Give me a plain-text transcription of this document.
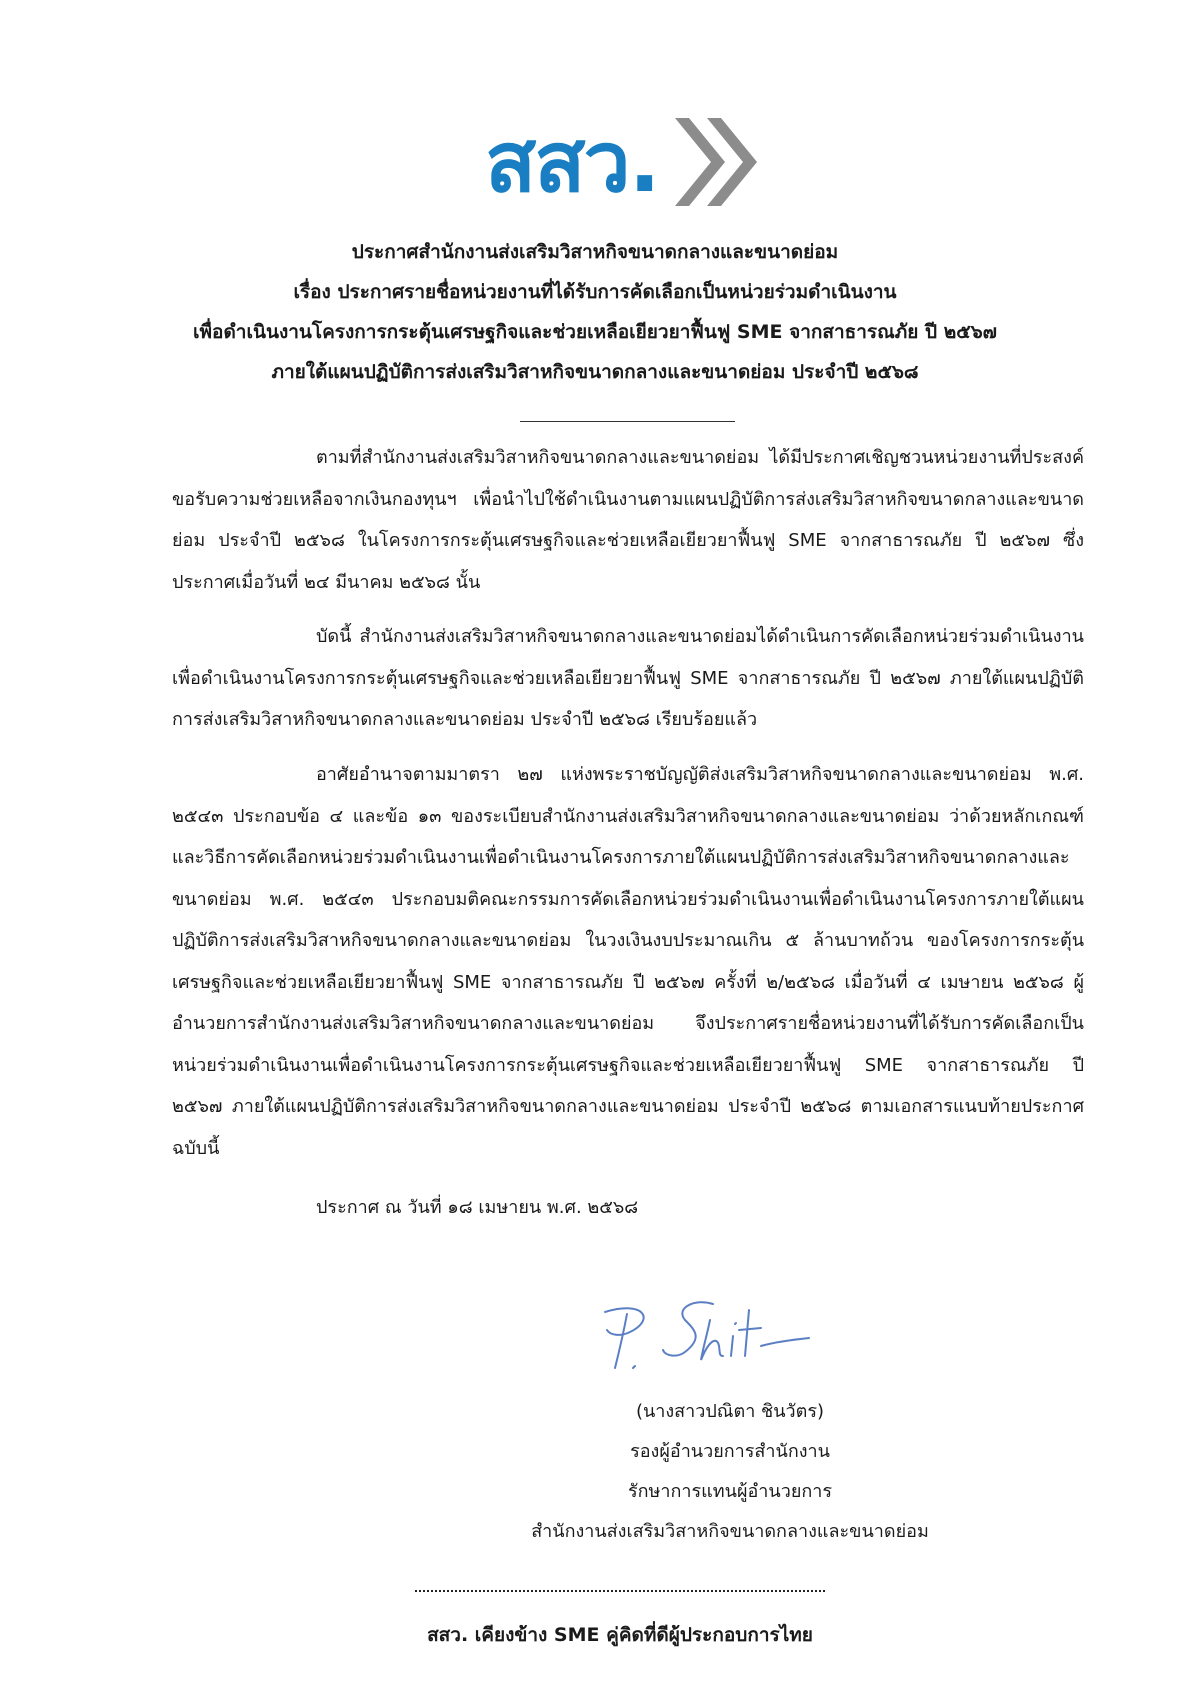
สสว.
ประกาศสำนักงานส่งเสริมวิสาหกิจขนาดกลางและขนาดย่อม
เรื่อง ประกาศรายชื่อหน่วยงานที่ได้รับการคัดเลือกเป็นหน่วยร่วมดำเนินงาน
เพื่อดำเนินงานโครงการกระตุ้นเศรษฐกิจและช่วยเหลือเยียวยาฟื้นฟู SME จากสาธารณภัย ปี ๒๕๖๗
ภายใต้แผนปฏิบัติการส่งเสริมวิสาหกิจขนาดกลางและขนาดย่อม ประจำปี ๒๕๖๘

ตามที่สำนักงานส่งเสริมวิสาหกิจขนาดกลางและขนาดย่อม ได้มีประกาศเชิญชวนหน่วยงานที่ประสงค์ขอรับความช่วยเหลือจากเงินกองทุนฯ เพื่อนำไปใช้ดำเนินงานตามแผนปฏิบัติการส่งเสริมวิสาหกิจขนาดกลางและขนาดย่อม ประจำปี ๒๕๖๘ ในโครงการกระตุ้นเศรษฐกิจและช่วยเหลือเยียวยาฟื้นฟู SME จากสาธารณภัย ปี ๒๕๖๗ ซึ่งประกาศเมื่อวันที่ ๒๔ มีนาคม ๒๕๖๘ นั้น

บัดนี้ สำนักงานส่งเสริมวิสาหกิจขนาดกลางและขนาดย่อมได้ดำเนินการคัดเลือกหน่วยร่วมดำเนินงานเพื่อดำเนินงานโครงการกระตุ้นเศรษฐกิจและช่วยเหลือเยียวยาฟื้นฟู SME จากสาธารณภัย ปี ๒๕๖๗ ภายใต้แผนปฏิบัติการส่งเสริมวิสาหกิจขนาดกลางและขนาดย่อม ประจำปี ๒๕๖๘ เรียบร้อยแล้ว

อาศัยอำนาจตามมาตรา ๒๗ แห่งพระราชบัญญัติส่งเสริมวิสาหกิจขนาดกลางและขนาดย่อม พ.ศ. ๒๕๔๓ ประกอบข้อ ๔ และข้อ ๑๓ ของระเบียบสำนักงานส่งเสริมวิสาหกิจขนาดกลางและขนาดย่อม ว่าด้วยหลักเกณฑ์และวิธีการคัดเลือกหน่วยร่วมดำเนินงานเพื่อดำเนินงานโครงการภายใต้แผนปฏิบัติการส่งเสริมวิสาหกิจขนาดกลางและขนาดย่อม พ.ศ. ๒๕๔๓ ประกอบมติคณะกรรมการคัดเลือกหน่วยร่วมดำเนินงานเพื่อดำเนินงานโครงการภายใต้แผนปฏิบัติการส่งเสริมวิสาหกิจขนาดกลางและขนาดย่อม ในวงเงินงบประมาณเกิน ๕ ล้านบาทถ้วน ของโครงการกระตุ้นเศรษฐกิจและช่วยเหลือเยียวยาฟื้นฟู SME จากสาธารณภัย ปี ๒๕๖๗ ครั้งที่ ๒/๒๕๖๘ เมื่อวันที่ ๔ เมษายน ๒๕๖๘ ผู้อำนวยการสำนักงานส่งเสริมวิสาหกิจขนาดกลางและขนาดย่อม จึงประกาศรายชื่อหน่วยงานที่ได้รับการคัดเลือกเป็นหน่วยร่วมดำเนินงานเพื่อดำเนินงานโครงการกระตุ้นเศรษฐกิจและช่วยเหลือเยียวยาฟื้นฟู SME จากสาธารณภัย ปี ๒๕๖๗ ภายใต้แผนปฏิบัติการส่งเสริมวิสาหกิจขนาดกลางและขนาดย่อม ประจำปี ๒๕๖๘ ตามเอกสารแนบท้ายประกาศฉบับนี้

ประกาศ ณ วันที่ ๑๘ เมษายน พ.ศ. ๒๕๖๘
(นางสาวปณิตา ชินวัตร)
รองผู้อำนวยการสำนักงาน
รักษาการแทนผู้อำนวยการ
สำนักงานส่งเสริมวิสาหกิจขนาดกลางและขนาดย่อม
สสว. เคียงข้าง SME คู่คิดที่ดีผู้ประกอบการไทย
